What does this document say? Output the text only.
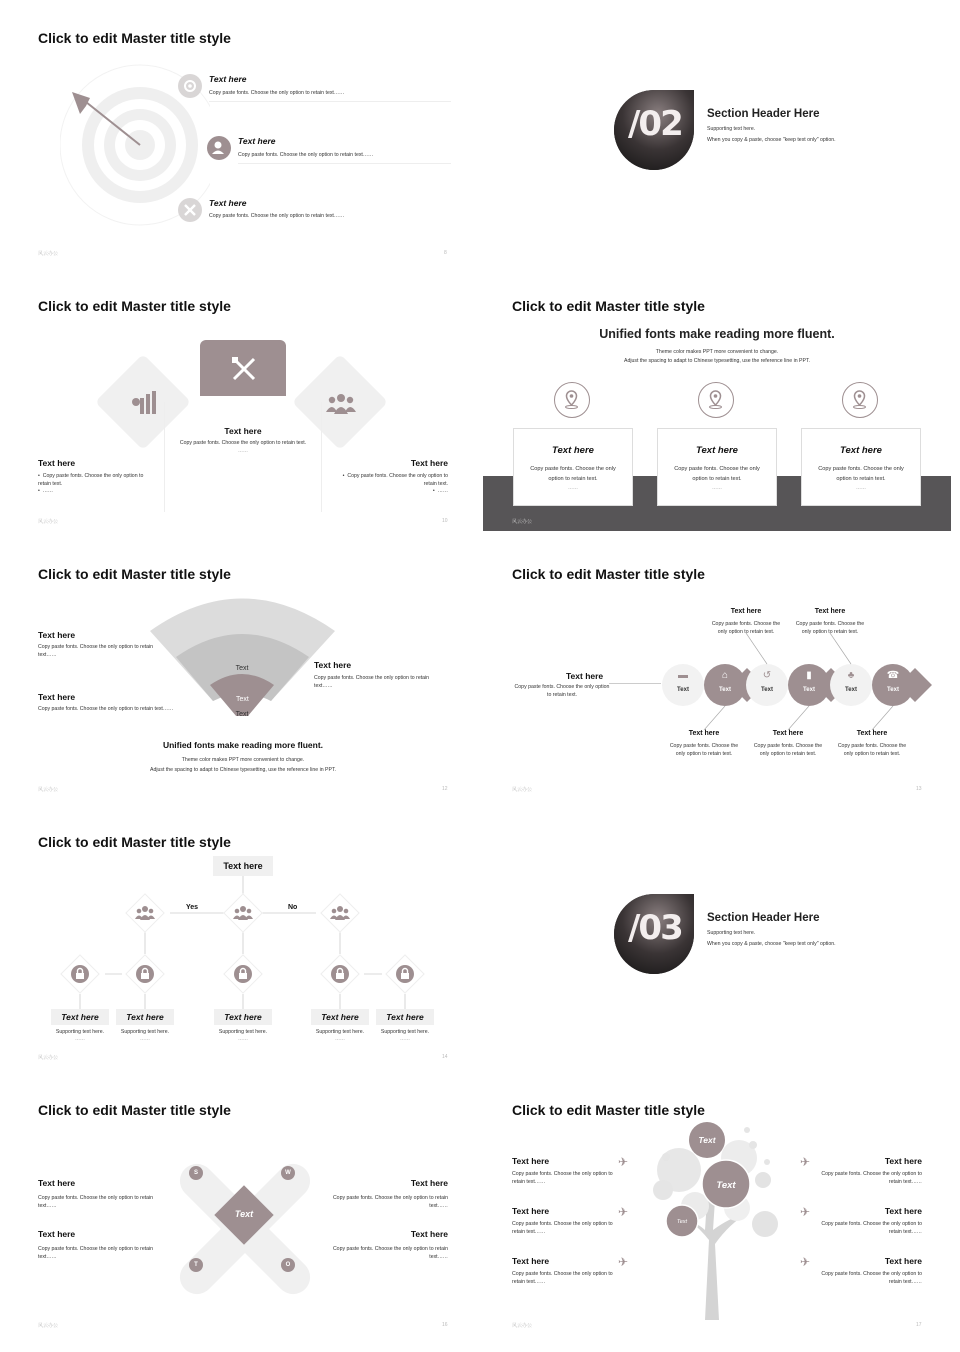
Click to edit Master title style
Text here
Copy paste fonts. Choose the only option to retain text……
Text here
Copy paste fonts. Choose the only option to retain text……
Text here
Copy paste fonts. Choose the only option to retain text……
风云办公	8
/02 Section Header Here
Supporting text here.
When you copy & paste, choose "keep text only" option.
Click to edit Master title style
Text here
Copy paste fonts. Choose the only option to retain text.
……
Text here
•  Copy paste fonts. Choose the only option to retain text.
•  ……
Text here
•  Copy paste fonts. Choose the only option to retain text.
•  ……
风云办公	10
Click to edit Master title style
Unified fonts make reading more fluent.
Theme color makes PPT more convenient to change.
Adjust the spacing to adapt to Chinese typesetting, use the reference line in PPT.
Text here
Copy paste fonts. Choose the only option to retain text.
……
Text here
Copy paste fonts. Choose the only option to retain text.
……
Text here
Copy paste fonts. Choose the only option to retain text.
……
风云办公
Click to edit Master title style
Text
Text
Text
Text here
Copy paste fonts. Choose the only option to retain text……
Text here
Copy paste fonts. Choose the only option to retain text……
Text here
Copy paste fonts. Choose the only option to retain text……
Unified fonts make reading more fluent.
Theme color makes PPT more convenient to change.
Adjust the spacing to adapt to Chinese typesetting, use the reference line in PPT.
风云办公	12
Click to edit Master title style
Text here
Copy paste fonts. Choose the only option to retain text.
▬
Text
⌂
Text
↺
Text
▮
Text
♣
Text
☎
Text
Text here
Copy paste fonts. Choose the only option to retain text.
Text here
Copy paste fonts. Choose the only option to retain text.
Text here
Copy paste fonts. Choose the only option to retain text.
Text here
Copy paste fonts. Choose the only option to retain text.
Text here
Copy paste fonts. Choose the only option to retain text.
风云办公	13
Click to edit Master title style
Text here
Yes	No
Text here
Supporting text here.
……
Text here
Supporting text here.
……
Text here
Supporting text here.
……
Text here
Supporting text here.
……
Text here
Supporting text here.
……
风云办公	14
/03 Section Header Here
Supporting text here.
When you copy & paste, choose "keep text only" option.
Click to edit Master title style
Text
S	W
T	O
Text here
Copy paste fonts. Choose the only option to retain text……
Text here
Copy paste fonts. Choose the only option to retain text……
Text here
Copy paste fonts. Choose the only option to retain text……
Text here
Copy paste fonts. Choose the only option to retain text……
风云办公	16
Click to edit Master title style
Text
Text
Text
Text here
Copy paste fonts. Choose the only option to retain text……
✈	Text here
Copy paste fonts. Choose the only option to retain text……
✈
Text here
Copy paste fonts. Choose the only option to retain text……
✈	Text here
Copy paste fonts. Choose the only option to retain text……
✈
Text here
Copy paste fonts. Choose the only option to retain text……
✈	Text here
Copy paste fonts. Choose the only option to retain text……
✈
风云办公	17
